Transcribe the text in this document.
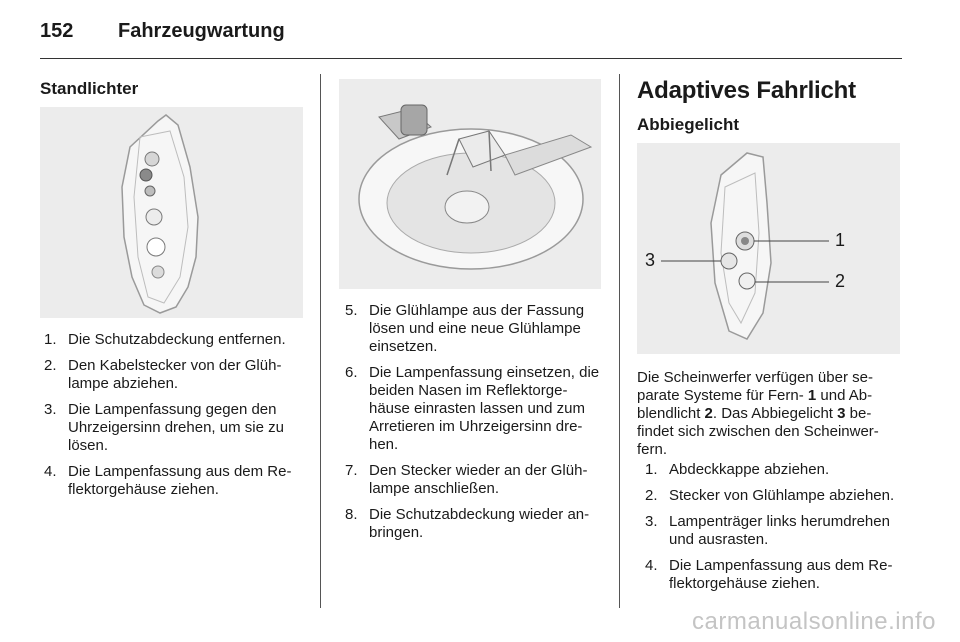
152 Fahrzeugwartung
Standlichter
1. Die Schutzabdeckung entfernen.
2. Den Kabelstecker von der Glüh-lampe abziehen.
3. Die Lampenfassung gegen den Uhrzeigersinn drehen, um sie zu lösen.
4. Die Lampenfassung aus dem Re-flektorgehäuse ziehen.
5. Die Glühlampe aus der Fassung lösen und eine neue Glühlampe einsetzen.
6. Die Lampenfassung einsetzen, die beiden Nasen im Reflektorge-häuse einrasten lassen und zum Arretieren im Uhrzeigersinn dre-hen.
7. Den Stecker wieder an der Glüh-lampe anschließen.
8. Die Schutzabdeckung wieder an-bringen.
Adaptives Fahrlicht
Abbiegelicht
1
2
3
Die Scheinwerfer verfügen über se-parate Systeme für Fern- 1 und Ab-blendlicht 2. Das Abbiegelicht 3 be-findet sich zwischen den Scheinwer-fern.
1. Abdeckkappe abziehen.
2. Stecker von Glühlampe abziehen.
3. Lampenträger links herumdrehen und ausrasten.
4. Die Lampenfassung aus dem Re-flektorgehäuse ziehen.
carmanualsonline.info
